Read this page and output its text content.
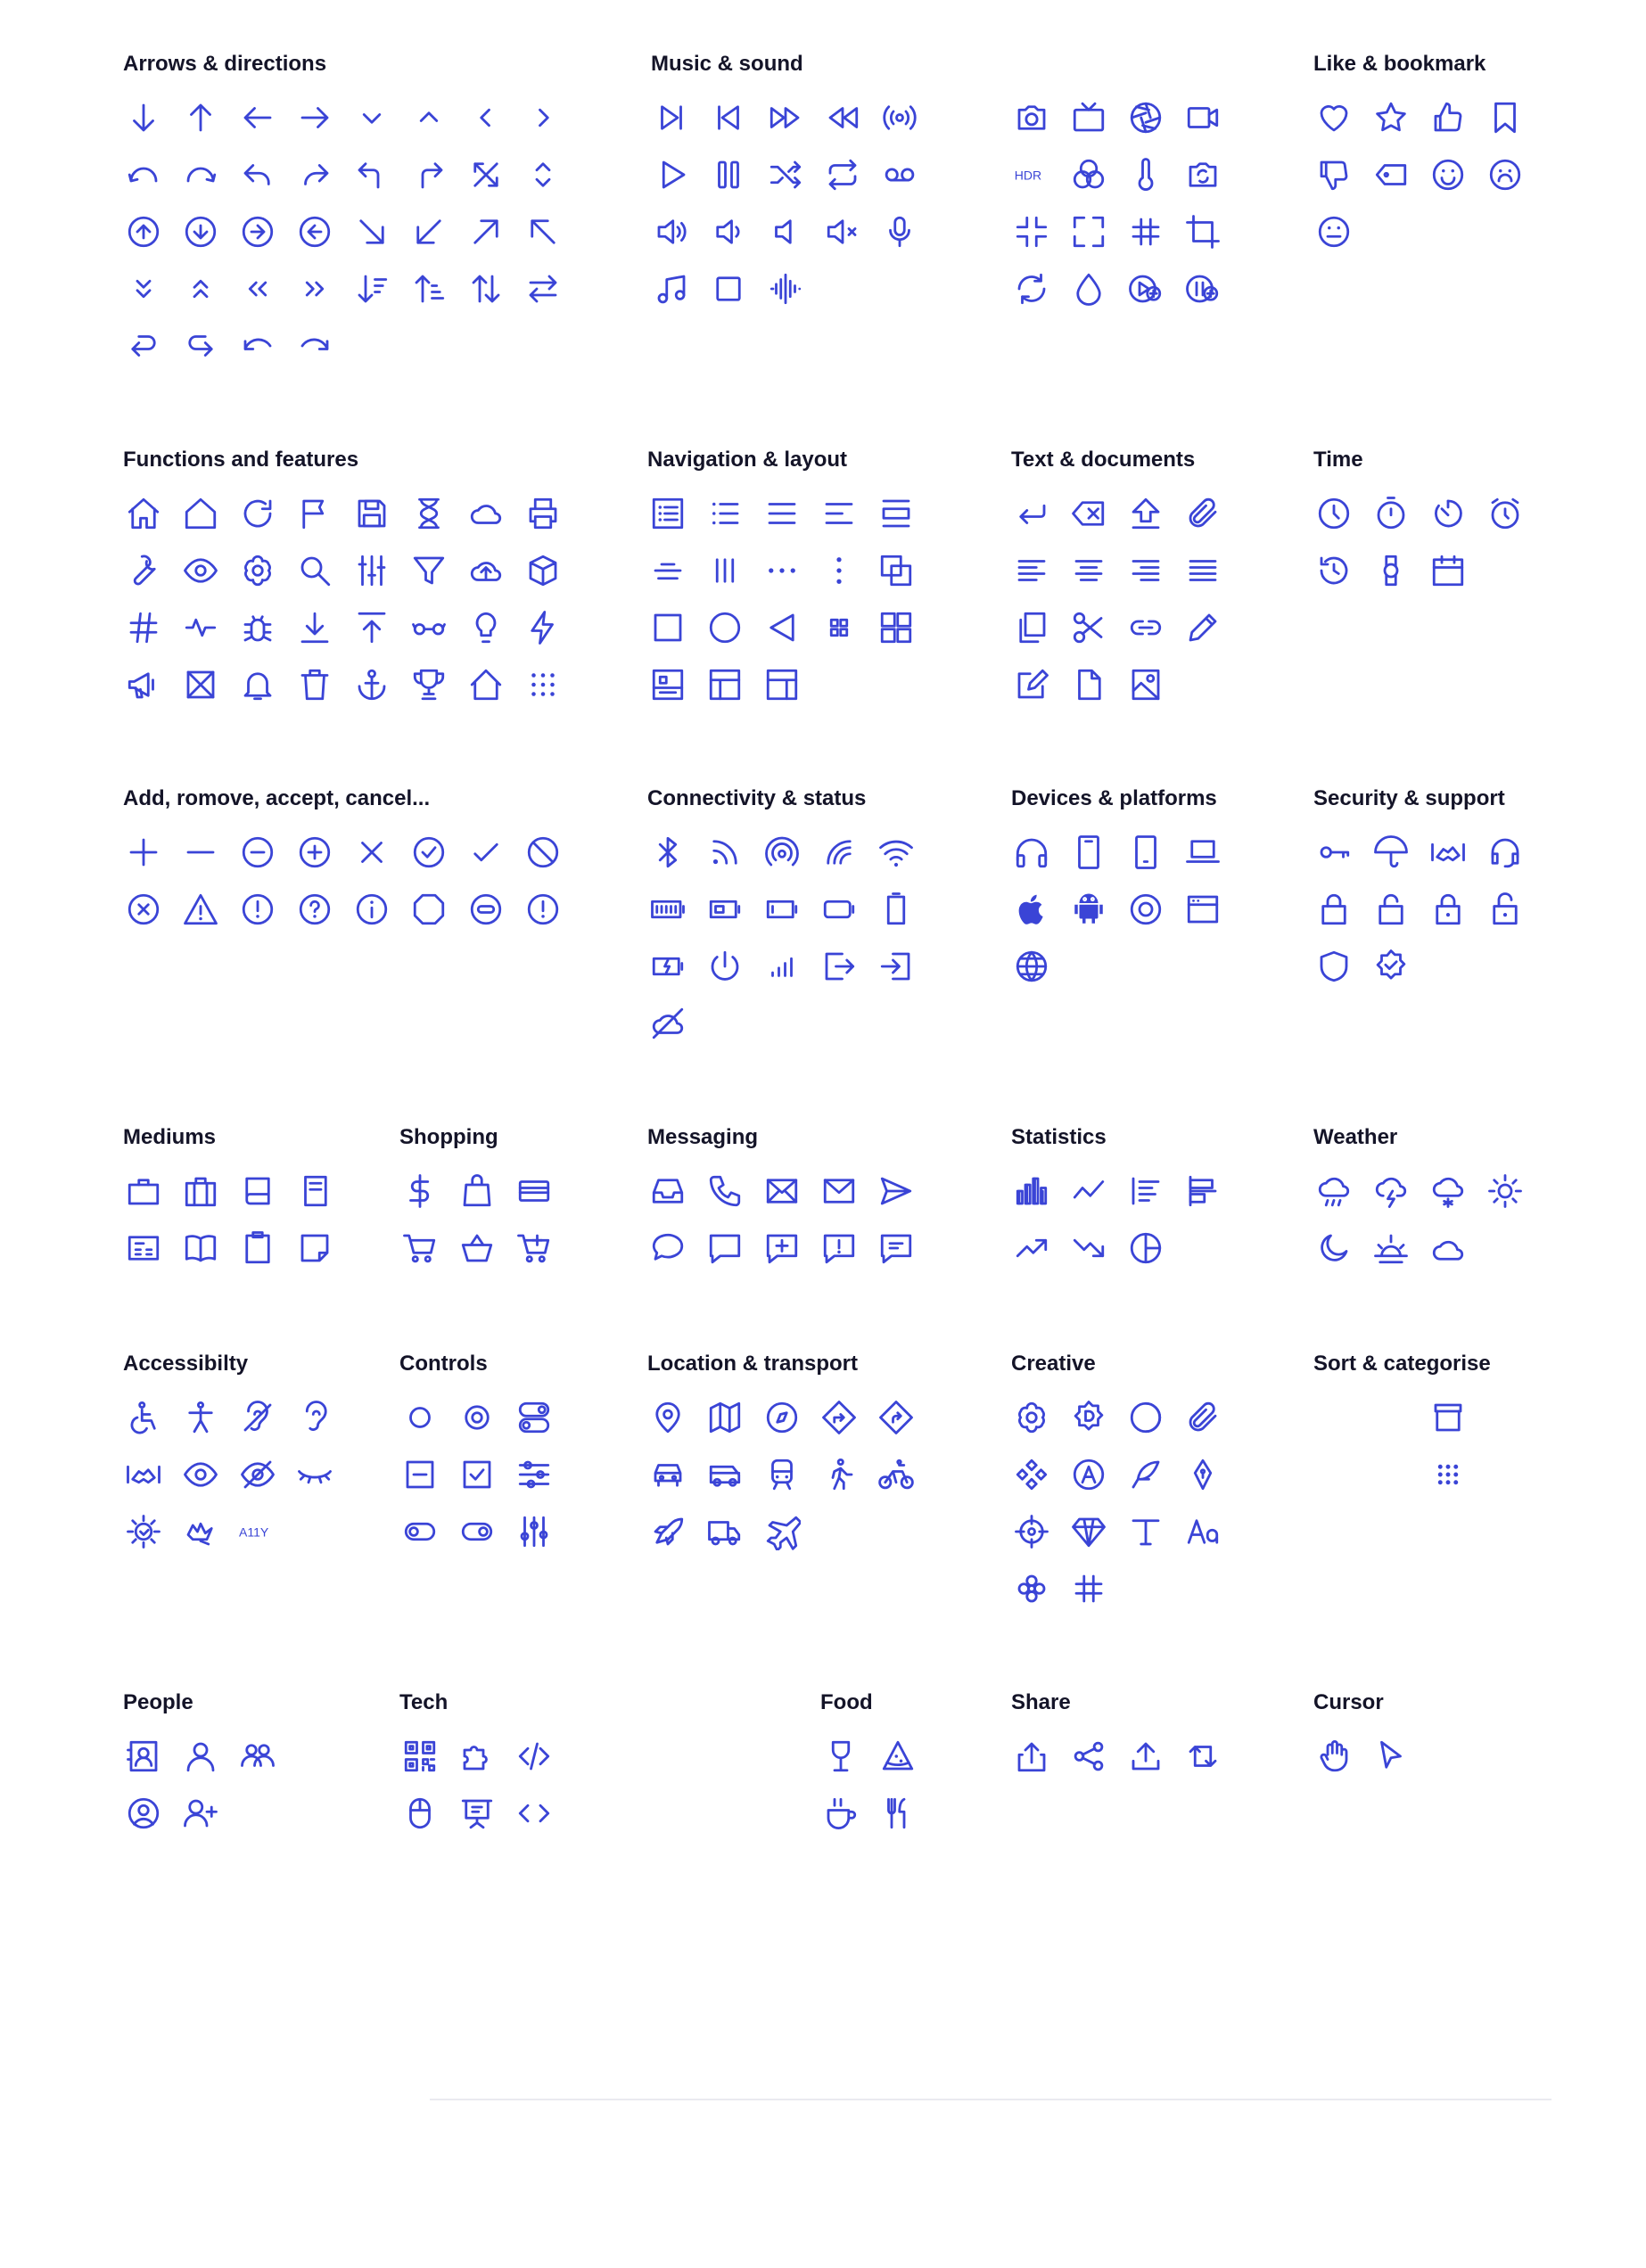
Arrows & directions	Music & sound
HDR
Like & bookmark
Functions and features	Navigation & layout	Text & documents	Time
Add, romove, accept, cancel...	Connectivity & status	Devices & platforms	Security & support
Mediums	Shopping	Messaging	Statistics	Weather
Accessibilty
A11Y
Controls	Location & transport	Creative	Sort & categorise
People	Tech	Food	Share	Cursor
